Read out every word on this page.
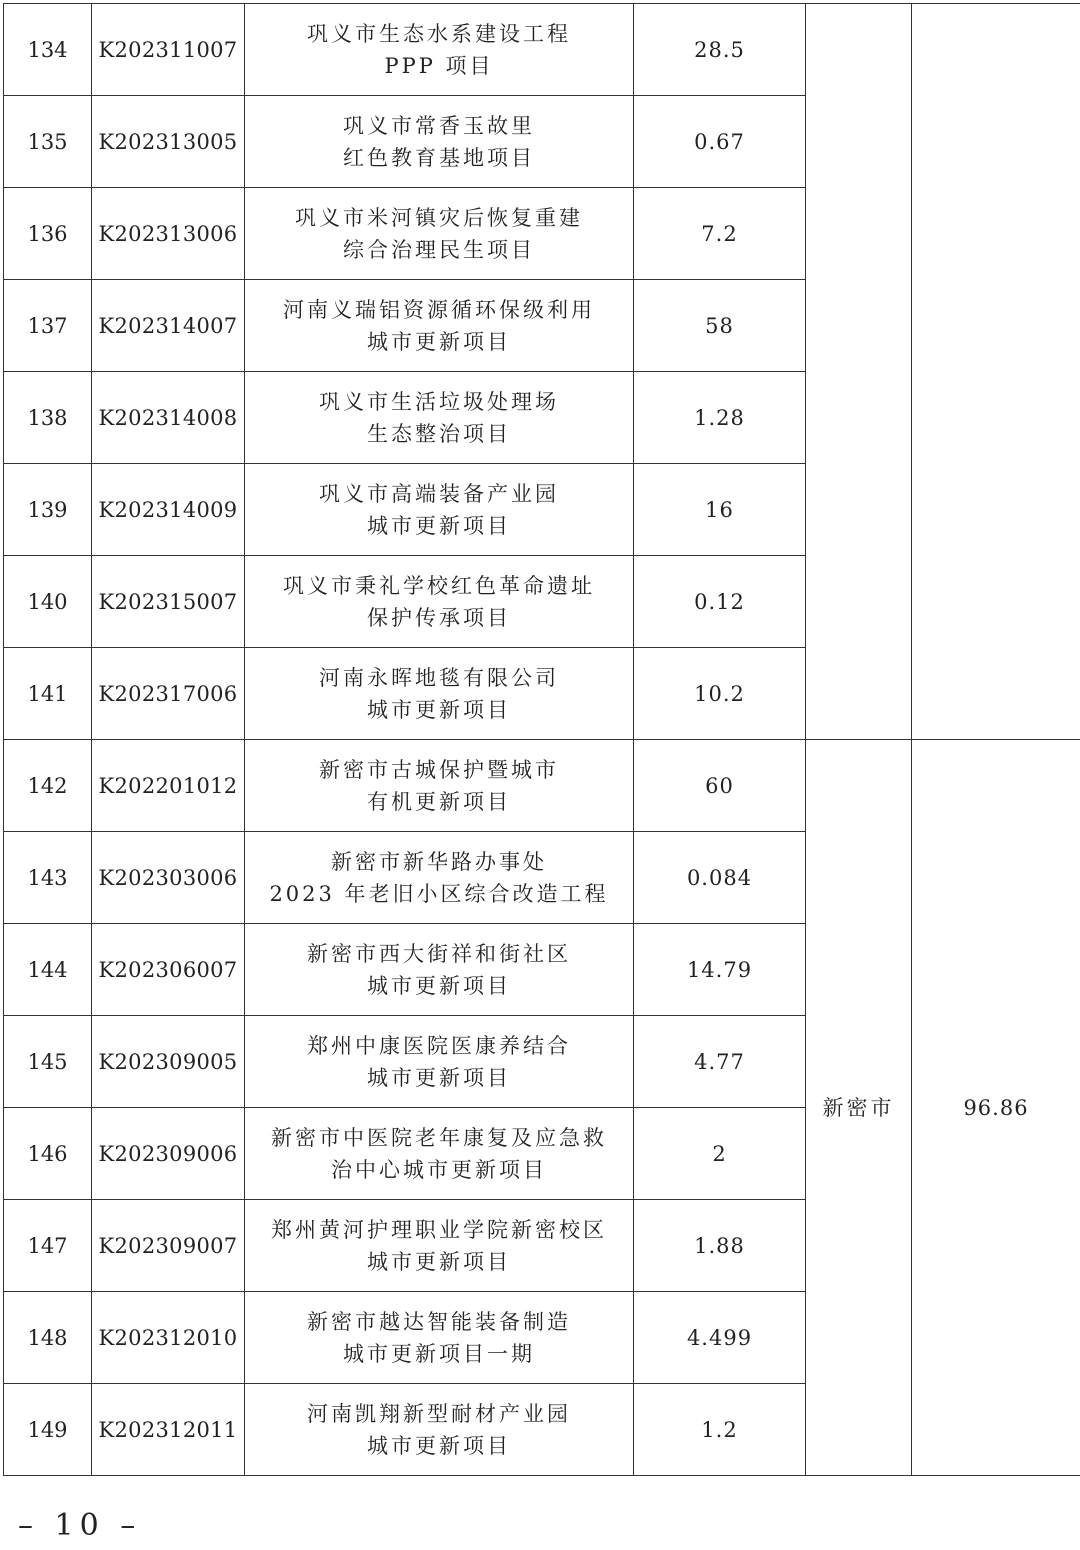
134	K202311007	巩义市生态水系建设工程
PPP 项目	28.5		
135	K202313005	巩义市常香玉故里
红色教育基地项目	0.67		
136	K202313006	巩义市米河镇灾后恢复重建
综合治理民生项目	7.2		
137	K202314007	河南义瑞铝资源循环保级利用
城市更新项目	58		
138	K202314008	巩义市生活垃圾处理场
生态整治项目	1.28		
139	K202314009	巩义市高端装备产业园
城市更新项目	16		
140	K202315007	巩义市秉礼学校红色革命遗址
保护传承项目	0.12		
141	K202317006	河南永晖地毯有限公司
城市更新项目	10.2		
142	K202201012	新密市古城保护暨城市
有机更新项目	60	新密市	96.86
143	K202303006	新密市新华路办事处
2023 年老旧小区综合改造工程	0.084		
144	K202306007	新密市西大街祥和街社区
城市更新项目	14.79		
145	K202309005	郑州中康医院医康养结合
城市更新项目	4.77		
146	K202309006	新密市中医院老年康复及应急救
治中心城市更新项目	2		
147	K202309007	郑州黄河护理职业学院新密校区
城市更新项目	1.88		
148	K202312010	新密市越达智能装备制造
城市更新项目一期	4.499		
149	K202312011	河南凯翔新型耐材产业园
城市更新项目	1.2		
– 10 –
